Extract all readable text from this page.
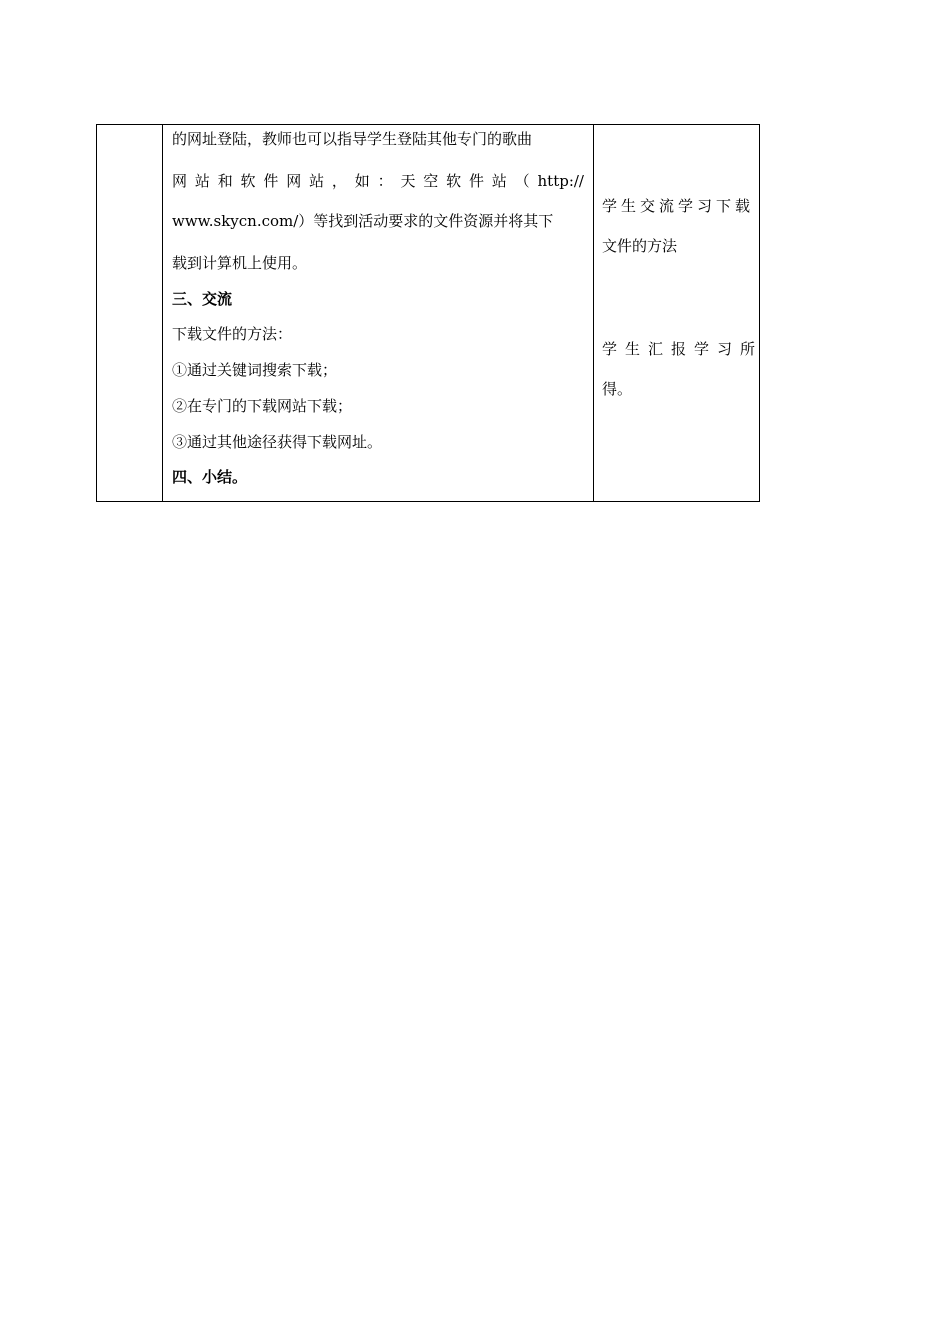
的网址登陆，教师也可以指导学生登陆其他专门的歌曲
网 站 和 软 件 网 站 ， 如 ： 天 空 软 件 站 （ http://
www.skycn.com/）等找到活动要求的文件资源并将其下
载到计算机上使用。
三、交流
下载文件的方法：
①通过关键词搜索下载；
②在专门的下载网站下载；
③通过其他途径获得下载网址。
四、小结。
学生交流学习下载
文件的方法
学生汇报学习所
得。
